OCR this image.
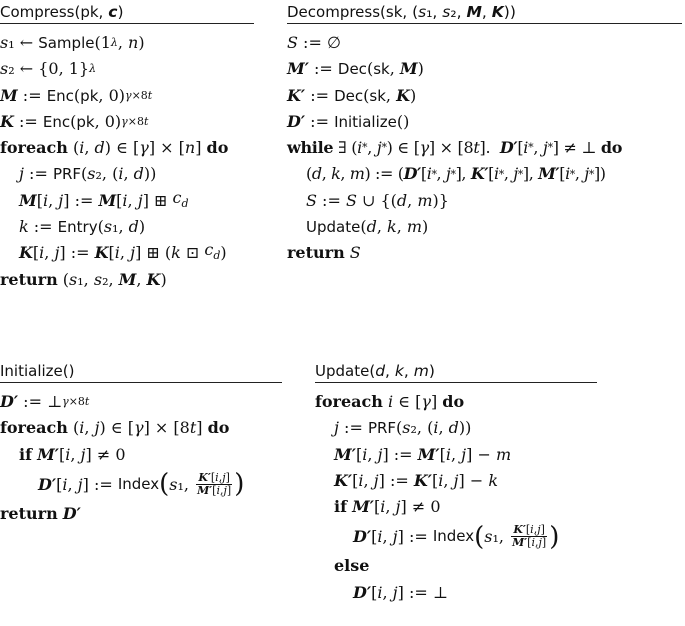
Compress(pk, c)
s ₁ ← Sample (1 λ , n )
s ₂ ← {0, 1} λ
M := Enc ( pk , 0) γ×8t
K := Enc ( pk , 0) γ×8t
foreach ( i , d ) ∈ [ γ ] × [ n ] do
j := PRF ( s ₂, ( i , d ))
M [ i , j ] := M [ i , j ] ⊞ $c_d$
k := Entry ( s ₁, d )
K [ i , j ] := K [ i , j ] ⊞ ( k ⊡ $c_d$ )
return ( s ₁, s ₂, M , K )
Decompress(sk, (s₁, s₂, M, K))
S := ∅
M′ := Dec ( sk , M )
K′ := Dec ( sk , K )
D′ := Initialize ()
while ∃ ( i * , j * ) ∈ [ γ ] × [8 t ]. D′ [ i * , j * ] ≠ ⊥ do
( d , k , m ) := ( D′ [ i * , j * ], K′ [ i * , j * ], M′ [ i * , j * ])
S := S ∪ {( d , m )}
Update ( d , k , m )
return
S
Initialize()
D′ := ⊥ γ×8t
foreach ( i , j ) ∈ [ γ ] × [8 t ] do
if
M′ [ i , j ] ≠ 0
D′ [ i , j ] := Index ( s ₁, $\frac{K'[i,j]}{M'[i,j]}$ )
return
D′
Update(d, k, m)
foreach
i ∈ [ γ ] do
j := PRF ( s ₂, ( i , d ))
M′ [ i , j ] := M′ [ i , j ] − m
K′ [ i , j ] := K′ [ i , j ] − k
if
M′ [ i , j ] ≠ 0
D′ [ i , j ] := Index ( s ₁, $\frac{K'[i,j]}{M'[i,j]}$ )
else
D′ [ i , j ] := ⊥
